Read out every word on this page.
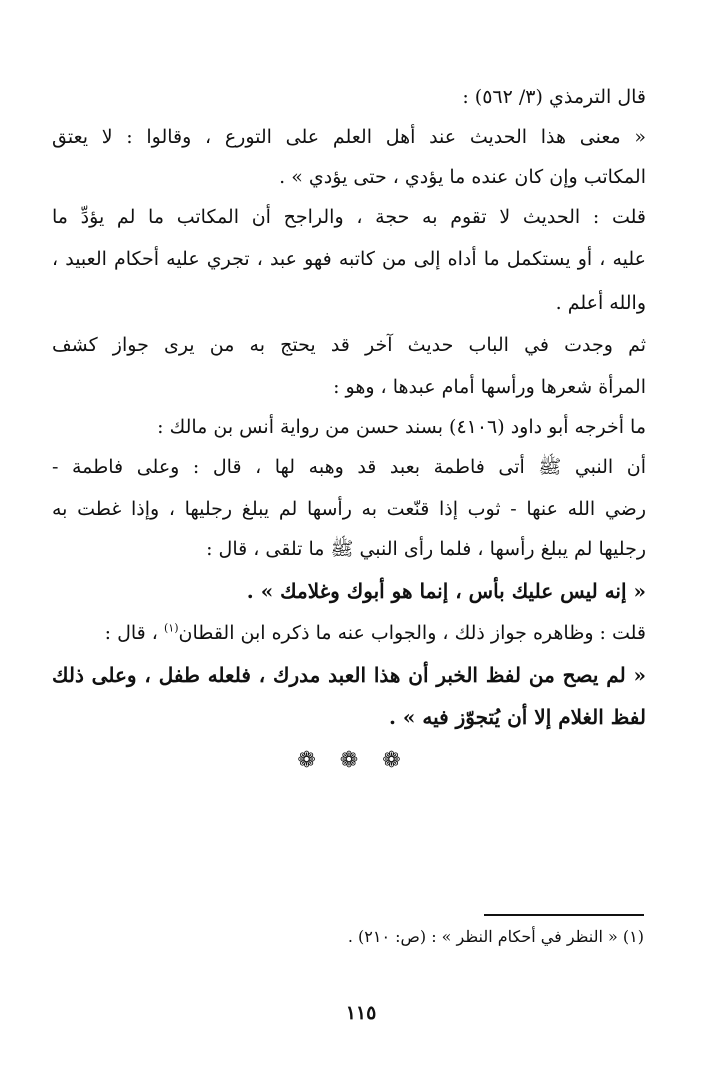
قال الترمذي (٣/ ٥٦٢) :
« معنى هذا الحديث عند أهل العلم على التورع ، وقالوا : لا يعتق
المكاتب وإن كان عنده ما يؤدي ، حتى يؤدي » .
قلت : الحديث لا تقوم به حجة ، والراجح أن المكاتب ما لم يؤدِّ ما
عليه ، أو يستكمل ما أداه إلى من كاتبه فهو عبد ، تجري عليه أحكام العبيد ،
والله أعلم .
ثم وجدت في الباب حديث آخر قد يحتج به من يرى جواز كشف
المرأة شعرها ورأسها أمام عبدها ، وهو :
ما أخرجه أبو داود (٤١٠٦) بسند حسن من رواية أنس بن مالك :
أن النبي ﷺ أتى فاطمة بعبد قد وهبه لها ، قال : وعلى فاطمة -
رضي الله عنها - ثوب إذا قنّعت به رأسها لم يبلغ رجليها ، وإذا غطت به
رجليها لم يبلغ رأسها ، فلما رأى النبي ﷺ ما تلقى ، قال :
« إنه ليس عليك بأس ، إنما هو أبوك وغلامك » .
قلت : وظاهره جواز ذلك ، والجواب عنه ما ذكره ابن القطان$^{(١)}$ ، قال :
« لم يصح من لفظ الخبر أن هذا العبد مدرك ، فلعله طفل ، وعلى ذلك
لفظ الغلام إلا أن يُتجوّز فيه » .
❁❁❁
(١) « النظر في أحكام النظر » : (ص: ٢١٠) .
١١٥
